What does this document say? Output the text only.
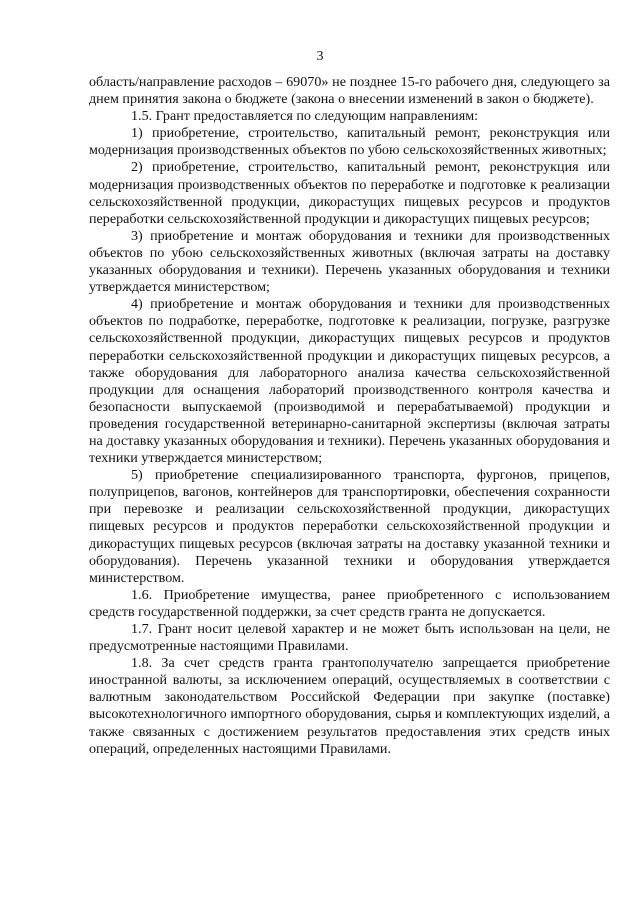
3

область/направление расходов – 69070» не позднее 15-го рабочего дня, следующего за днем принятия закона о бюджете (закона о внесении изменений в закон о бюджете).

1.5. Грант предоставляется по следующим направлениям:

1) приобретение, строительство, капитальный ремонт, реконструкция или модернизация производственных объектов по убою сельскохозяйственных животных;

2) приобретение, строительство, капитальный ремонт, реконструкция или модернизация производственных объектов по переработке и подготовке к реализации сельскохозяйственной продукции, дикорастущих пищевых ресурсов и продуктов переработки сельскохозяйственной продукции и дикорастущих пищевых ресурсов;

3) приобретение и монтаж оборудования и техники для производственных объектов по убою сельскохозяйственных животных (включая затраты на доставку указанных оборудования и техники). Перечень указанных оборудования и техники утверждается министерством;

4) приобретение и монтаж оборудования и техники для производственных объектов по подработке, переработке, подготовке к реализации, погрузке, разгрузке сельскохозяйственной продукции, дикорастущих пищевых ресурсов и продуктов переработки сельскохозяйственной продукции и дикорастущих пищевых ресурсов, а также оборудования для лабораторного анализа качества сельскохозяйственной продукции для оснащения лабораторий производственного контроля качества и безопасности выпускаемой (производимой и перерабатываемой) продукции и проведения государственной ветеринарно-санитарной экспертизы (включая затраты на доставку указанных оборудования и техники). Перечень указанных оборудования и техники утверждается министерством;

5) приобретение специализированного транспорта, фургонов, прицепов, полуприцепов, вагонов, контейнеров для транспортировки, обеспечения сохранности при перевозке и реализации сельскохозяйственной продукции, дикорастущих пищевых ресурсов и продуктов переработки сельскохозяйственной продукции и дикорастущих пищевых ресурсов (включая затраты на доставку указанной техники и оборудования). Перечень указанной техники и оборудования утверждается министерством.

1.6. Приобретение имущества, ранее приобретенного с использованием средств государственной поддержки, за счет средств гранта не допускается.

1.7. Грант носит целевой характер и не может быть использован на цели, не предусмотренные настоящими Правилами.

1.8. За счет средств гранта грантополучателю запрещается приобретение иностранной валюты, за исключением операций, осуществляемых в соответствии с валютным законодательством Российской Федерации при закупке (поставке) высокотехнологичного импортного оборудования, сырья и комплектующих изделий, а также связанных с достижением результатов предоставления этих средств иных операций, определенных настоящими Правилами.
